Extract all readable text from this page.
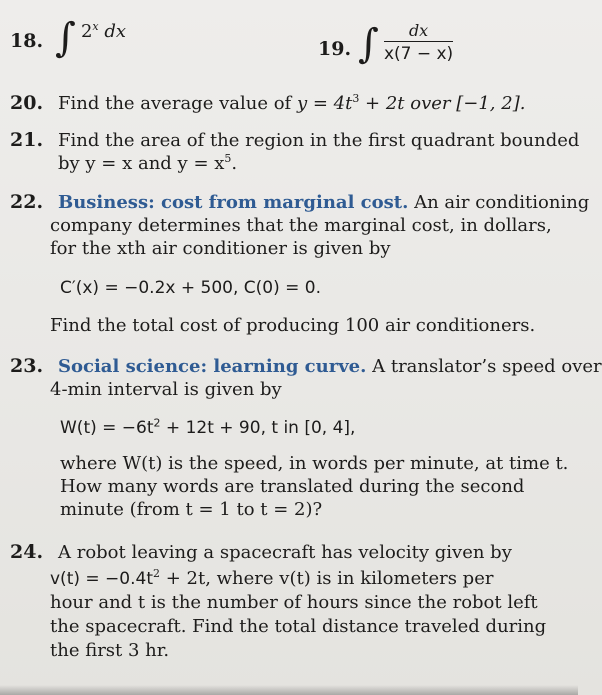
18. ∫ 2$^x$ dx
19. ∫ $\frac{dx}{x(7 - x)}$
20. Find the average value of $y = 4t^3 + 2t$ over [−1, 2].
21. Find the area of the region in the first quadrant bounded
by y = x and $y = x^5$.
22. Business: cost from marginal cost. An air conditioning
company determines that the marginal cost, in dollars,
for the xth air conditioner is given by
C′(x) = −0.2x + 500, C(0) = 0.
Find the total cost of producing 100 air conditioners.
23. Social science: learning curve. A translator’s speed over
4-min interval is given by
$W(t) = -6t^2 + 12t + 90$, t in [0, 4],
where W(t) is the speed, in words per minute, at time t.
How many words are translated during the second
minute (from t = 1 to t = 2)?
24. A robot leaving a spacecraft has velocity given by
$v(t) = -0.4t^2 + 2t$, where v(t) is in kilometers per
hour and t is the number of hours since the robot left
the spacecraft. Find the total distance traveled during
the first 3 hr.
